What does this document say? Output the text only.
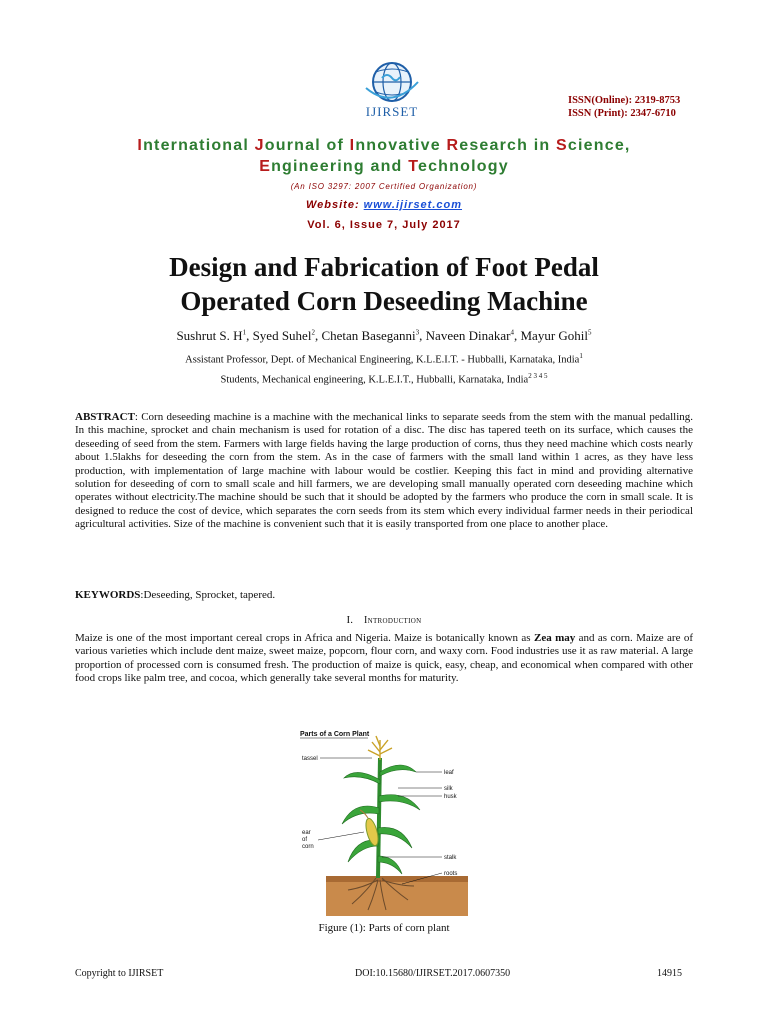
IJIRSET
ISSN(Online): 2319-8753
ISSN (Print): 2347-6710
International Journal of Innovative Research in Science,
Engineering and Technology
(An ISO 3297: 2007 Certified Organization)
Website: www.ijirset.com
Vol. 6, Issue 7, July 2017
Design and Fabrication of Foot Pedal
Operated Corn Deseeding Machine
Sushrut S. $H^1$, Syed Suhel$^2$, Chetan Baseganni$^3$, Naveen Dinakar$^4$, Mayur Gohil$^5$
Assistant Professor, Dept. of Mechanical Engineering, K.L.E.I.T. - Hubballi, Karnataka, India$^1$
Students, Mechanical engineering, K.L.E.I.T., Hubballi, Karnataka, India$^{2 3 4 5}$
ABSTRACT: Corn deseeding machine is a machine with the mechanical links to separate seeds from the stem with the manual pedalling. In this machine, sprocket and chain mechanism is used for rotation of a disc. The disc has tapered teeth on its surface, which causes the deseeding of seed from the stem. Farmers with large fields having the large production of corns, thus they need machine which costs nearly about 1.5lakhs for deseeding the corn from the stem. As in the case of farmers with the small land within 1 acres, as they have less production, with implementation of large machine with labour would be costlier. Keeping this fact in mind and providing alternative solution for deseeding of corn to small scale and hill farmers, we are developing small manually operated corn deseeding machine which operates without electricity.The machine should be such that it should be adopted by the farmers who produce the corn in small scale. It is designed to reduce the cost of device, which separates the corn seeds from its stem which every individual farmer needs in their periodical agricultural activities. Size of the machine is convenient such that it is easily transported from one place to another place.
KEYWORDS:Deseeding, Sprocket, tapered.
I. Introduction
Maize is one of the most important cereal crops in Africa and Nigeria. Maize is botanically known as Zea may and as corn. Maize are of various varieties which include dent maize, sweet maize, popcorn, flour corn, and waxy corn. Food industries use it as raw material. A large proportion of processed corn is consumed fresh. The production of maize is quick, easy, cheap, and economical when compared with other food crops like palm tree, and cocoa, which generally take several months for maturity.
Parts of a Corn Plant
tassel
leaf
silk
husk
ear
of
corn
stalk
roots
Figure (1): Parts of corn plant
Copyright to IJIRSET	DOI:10.15680/IJIRSET.2017.0607350	14915
